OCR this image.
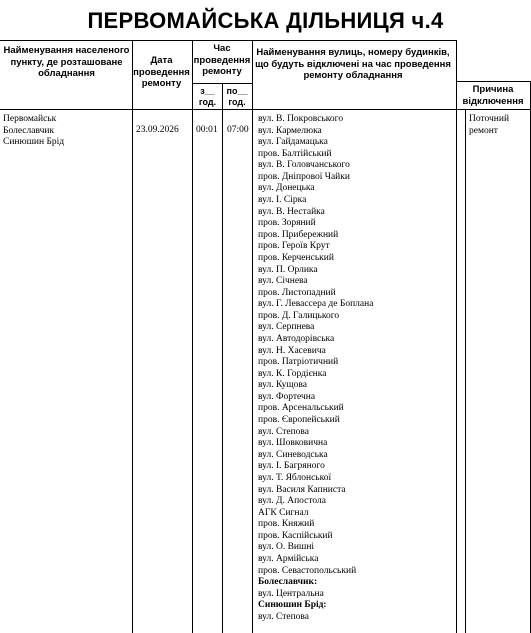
ПЕРВОМАЙСЬКА ДІЛЬНИЦЯ ч.4
Найменування населеного пункту, де розташоване обладнання
Дата проведення ремонту
Час проведення ремонту
з__ год.
по__ год.
Найменування вулиць, номеру будинків, що будуть відключені на час проведення ремонту обладнання
Причина відключення
Первомайськ
Болеславчик
Синюшин Брід
23.09.2026 00:01 07:00
Поточний ремонт
вул. В. Покровського
вул. Кармелюка
вул. Гайдамацька
пров. Балтійський
вул. В. Головчанського
пров. Дніпрової Чайки
вул. Донецька
вул. І. Сірка
вул. В. Нестайка
пров. Зоряний
пров. Прибережний
пров. Героїв Крут
пров. Керченський
вул. П. Орлика
вул. Січнева
пров. Листопадний
вул. Г. Левассера де Боплана
пров. Д. Галицького
вул. Серпнева
вул. Автодорівська
вул. Н. Хасевича
пров. Патріотичний
вул. К. Гордієнка
вул. Кущова
вул. Фортечна
пров. Арсенальський
пров. Європейський
вул. Степова
вул. Шовковична
вул. Синеводська
вул. І. Багряного
вул. Т. Яблонської
вул. Василя Капниста
вул. Д. Апостола
АГК Сигнал
пров. Княжий
пров. Каспійський
вул. О. Вишні
вул. Армійська
пров. Севастопольський
Болеславчик:
вул. Центральна
Синюшин Брід:
вул. Степова
